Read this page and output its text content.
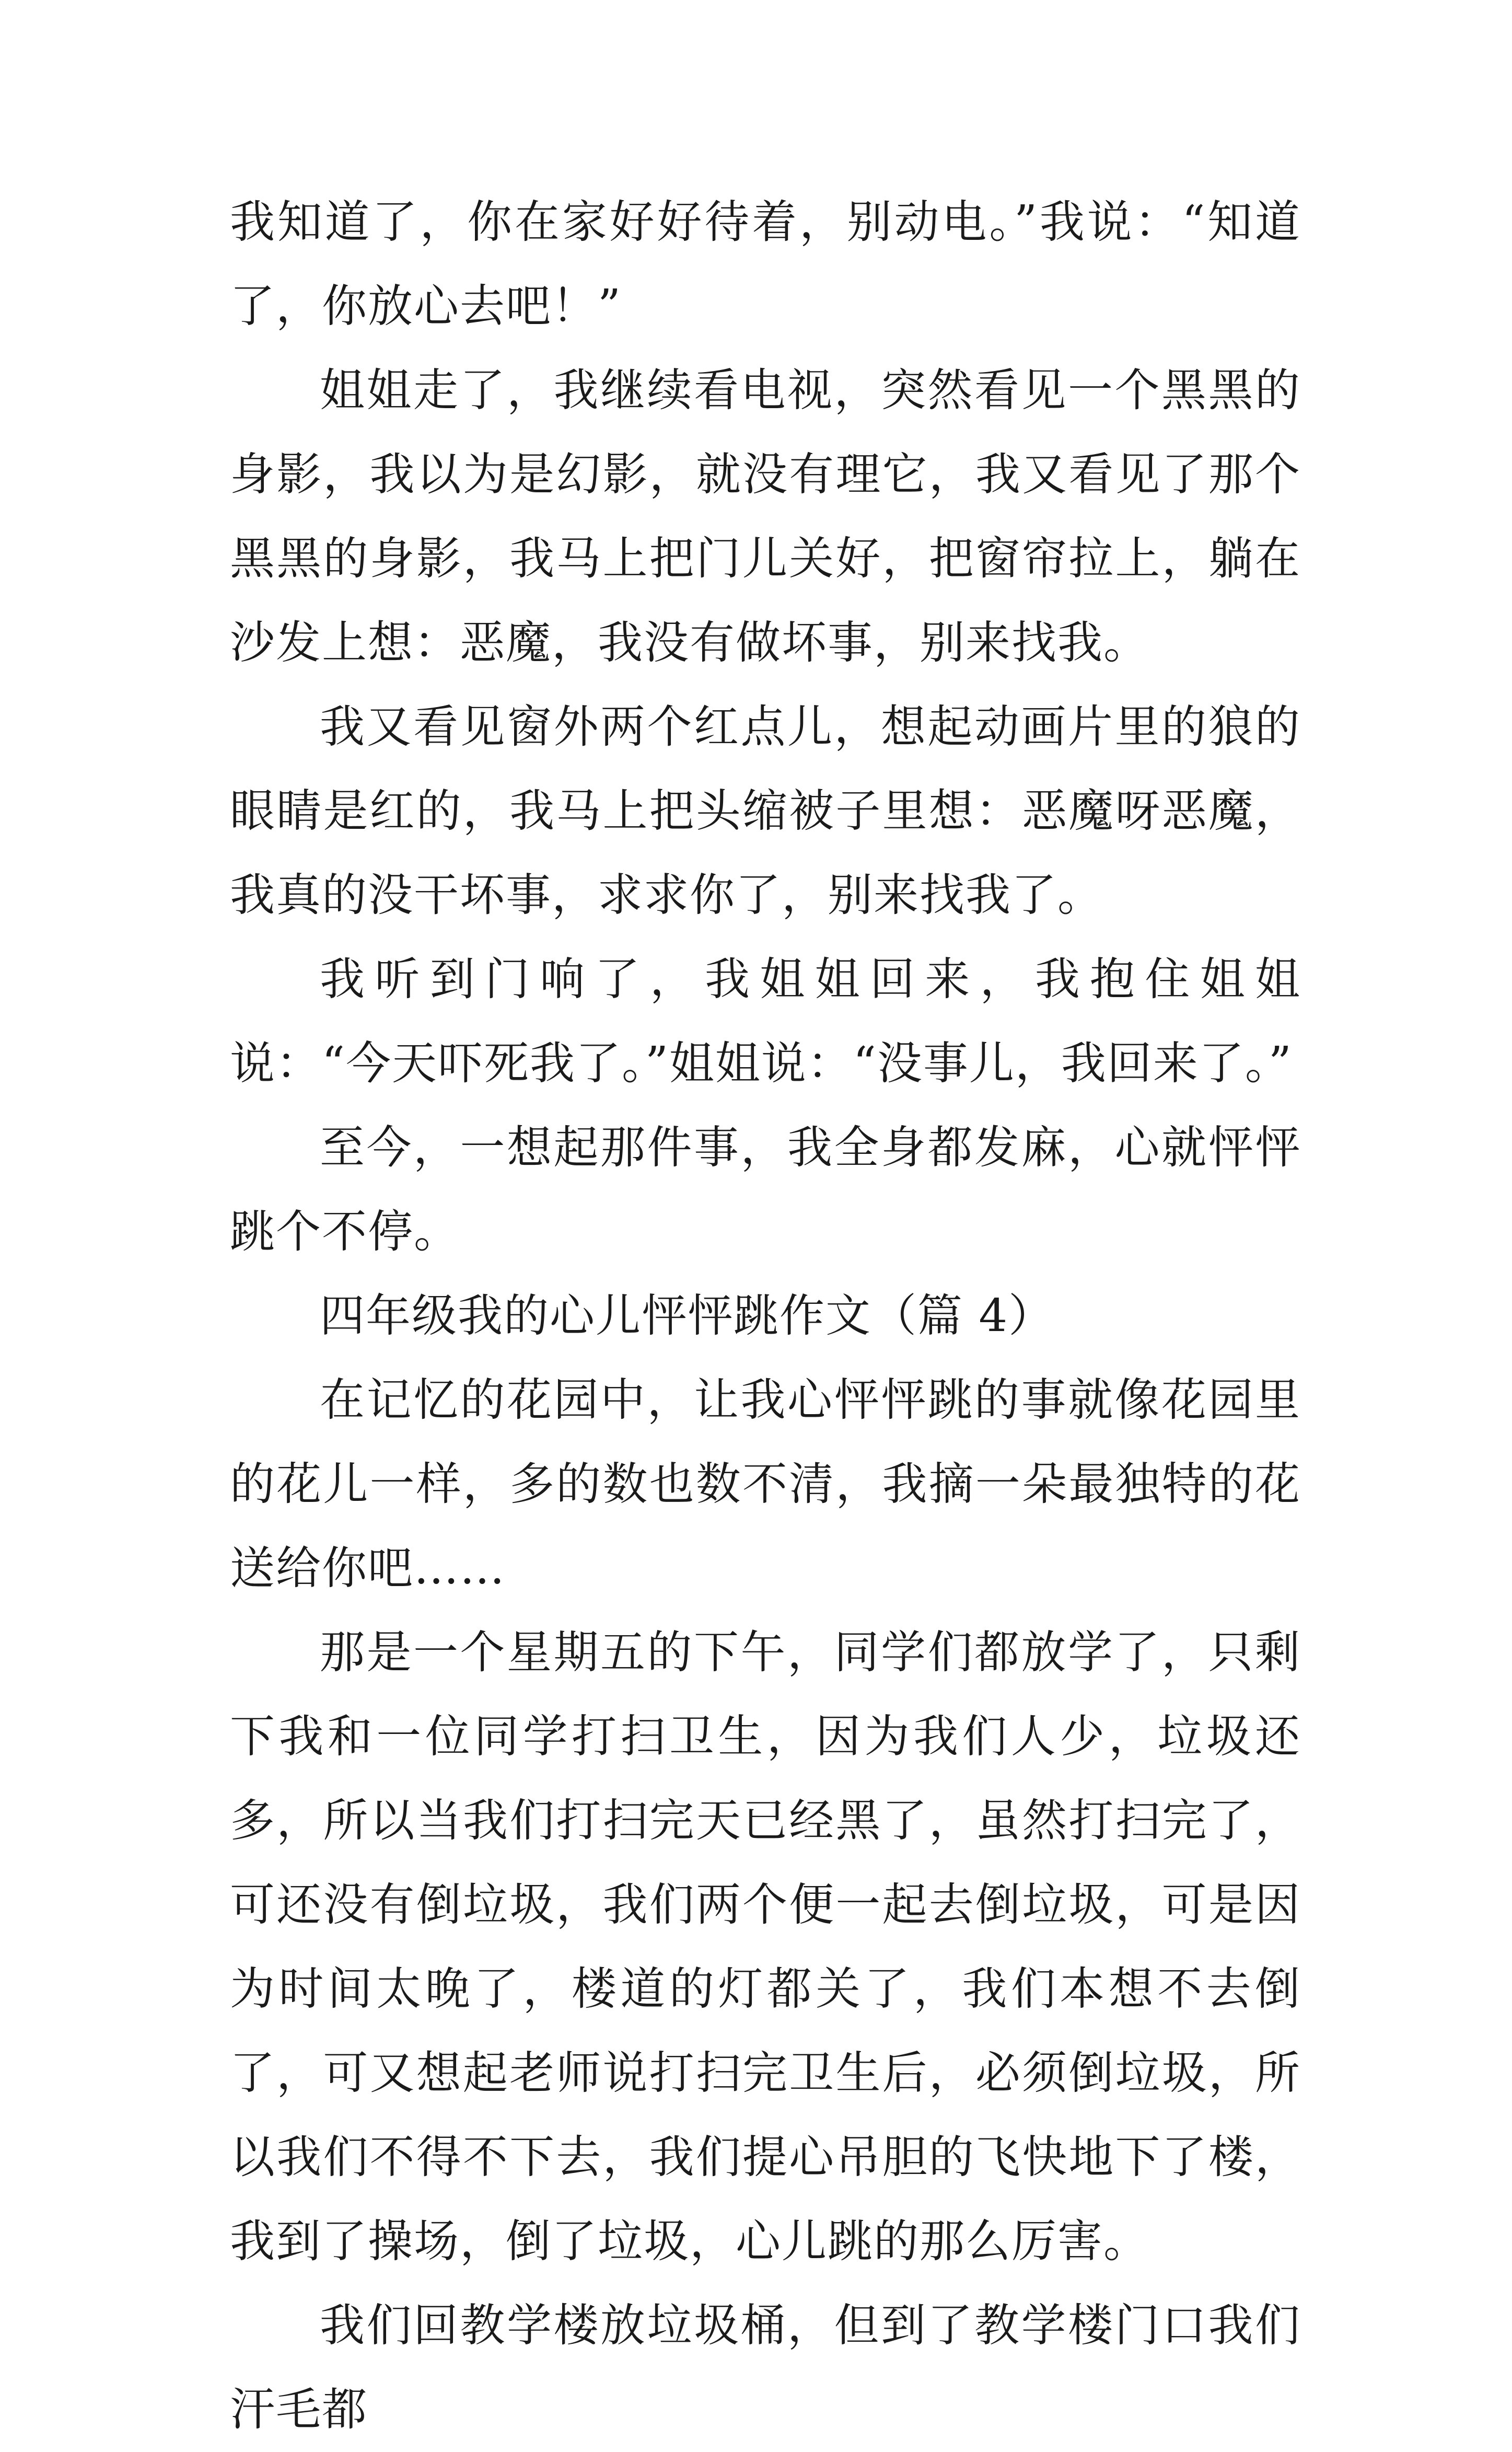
我知道了，你在家好好待着，别动电。”我说：“知道了，你放心去吧！”

姐姐走了，我继续看电视，突然看见一个黑黑的身影，我以为是幻影，就没有理它，我又看见了那个黑黑的身影，我马上把门儿关好，把窗帘拉上，躺在沙发上想：恶魔，我没有做坏事，别来找我。

我又看见窗外两个红点儿，想起动画片里的狼的眼睛是红的，我马上把头缩被子里想：恶魔呀恶魔，我真的没干坏事，求求你了，别来找我了。

我听到门响了，我姐姐回来，我抱住姐姐说：“今天吓死我了。”姐姐说：“没事儿，我回来了。”

至今，一想起那件事，我全身都发麻，心就怦怦跳个不停。

四年级我的心儿怦怦跳作文（篇 4）

在记忆的花园中，让我心怦怦跳的事就像花园里的花儿一样，多的数也数不清，我摘一朵最独特的花送给你吧……

那是一个星期五的下午，同学们都放学了，只剩下我和一位同学打扫卫生，因为我们人少，垃圾还多，所以当我们打扫完天已经黑了，虽然打扫完了，可还没有倒垃圾，我们两个便一起去倒垃圾，可是因为时间太晚了，楼道的灯都关了，我们本想不去倒了，可又想起老师说打扫完卫生后，必须倒垃圾，所以我们不得不下去，我们提心吊胆的飞快地下了楼，我到了操场，倒了垃圾，心儿跳的那么厉害。

我们回教学楼放垃圾桶，但到了教学楼门口我们汗毛都
